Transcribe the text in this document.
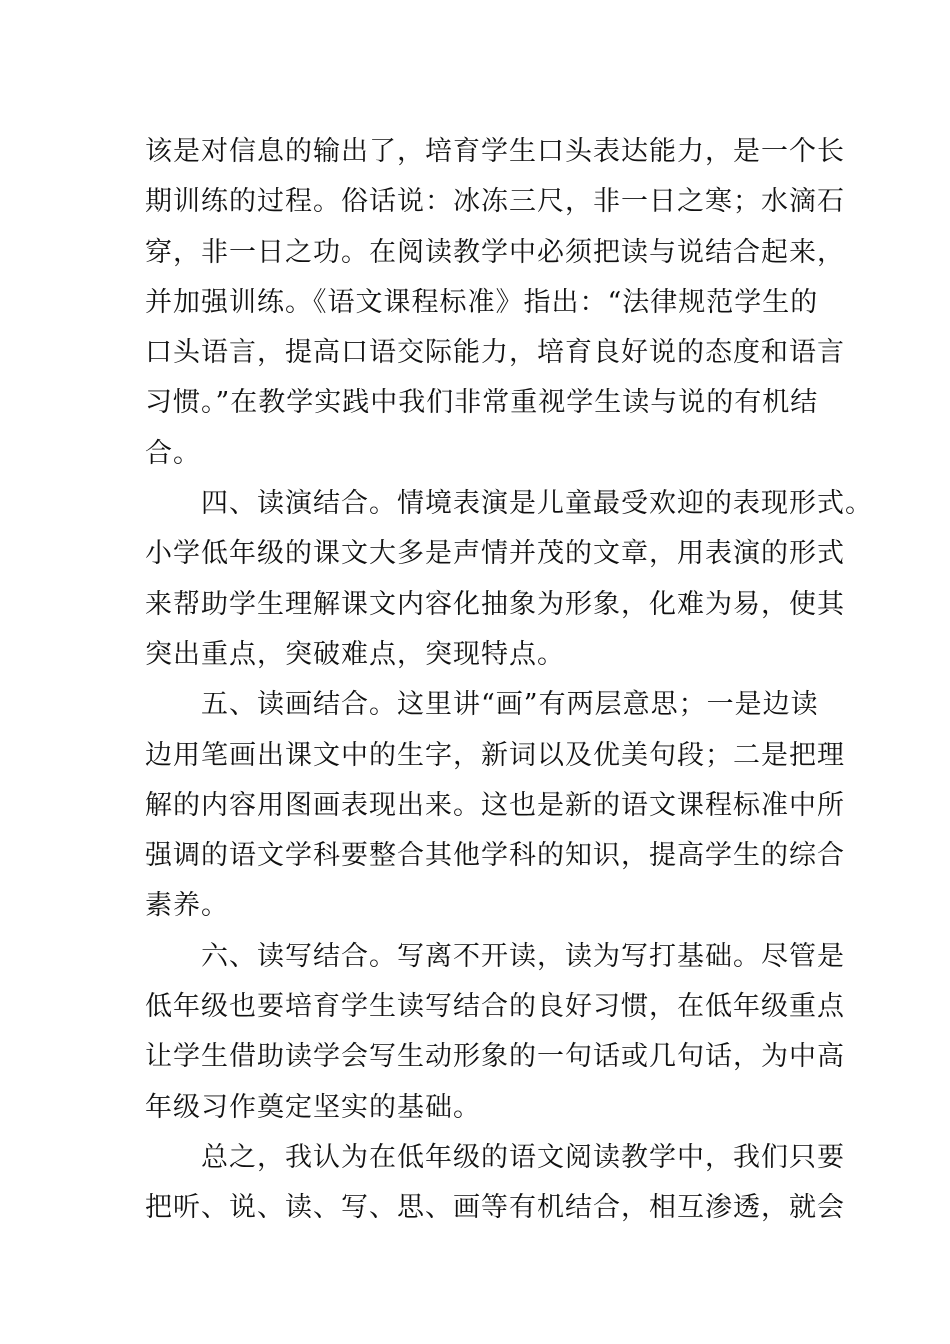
该是对信息的输出了，培育学生口头表达能力，是一个长
期训练的过程。俗话说：冰冻三尺，非一日之寒；水滴石
穿，非一日之功。在阅读教学中必须把读与说结合起来，
并加强训练。《语文课程标准》指出：“法律规范学生的
口头语言，提高口语交际能力，培育良好说的态度和语言
习惯。”在教学实践中我们非常重视学生读与说的有机结
合。
四、读演结合。情境表演是儿童最受欢迎的表现形式。
小学低年级的课文大多是声情并茂的文章，用表演的形式
来帮助学生理解课文内容化抽象为形象，化难为易，使其
突出重点，突破难点，突现特点。
五、读画结合。这里讲“画”有两层意思；一是边读
边用笔画出课文中的生字，新词以及优美句段；二是把理
解的内容用图画表现出来。这也是新的语文课程标准中所
强调的语文学科要整合其他学科的知识，提高学生的综合
素养。
六、读写结合。写离不开读，读为写打基础。尽管是
低年级也要培育学生读写结合的良好习惯，在低年级重点
让学生借助读学会写生动形象的一句话或几句话，为中高
年级习作奠定坚实的基础。
总之，我认为在低年级的语文阅读教学中，我们只要
把听、说、读、写、思、画等有机结合，相互渗透，就会
